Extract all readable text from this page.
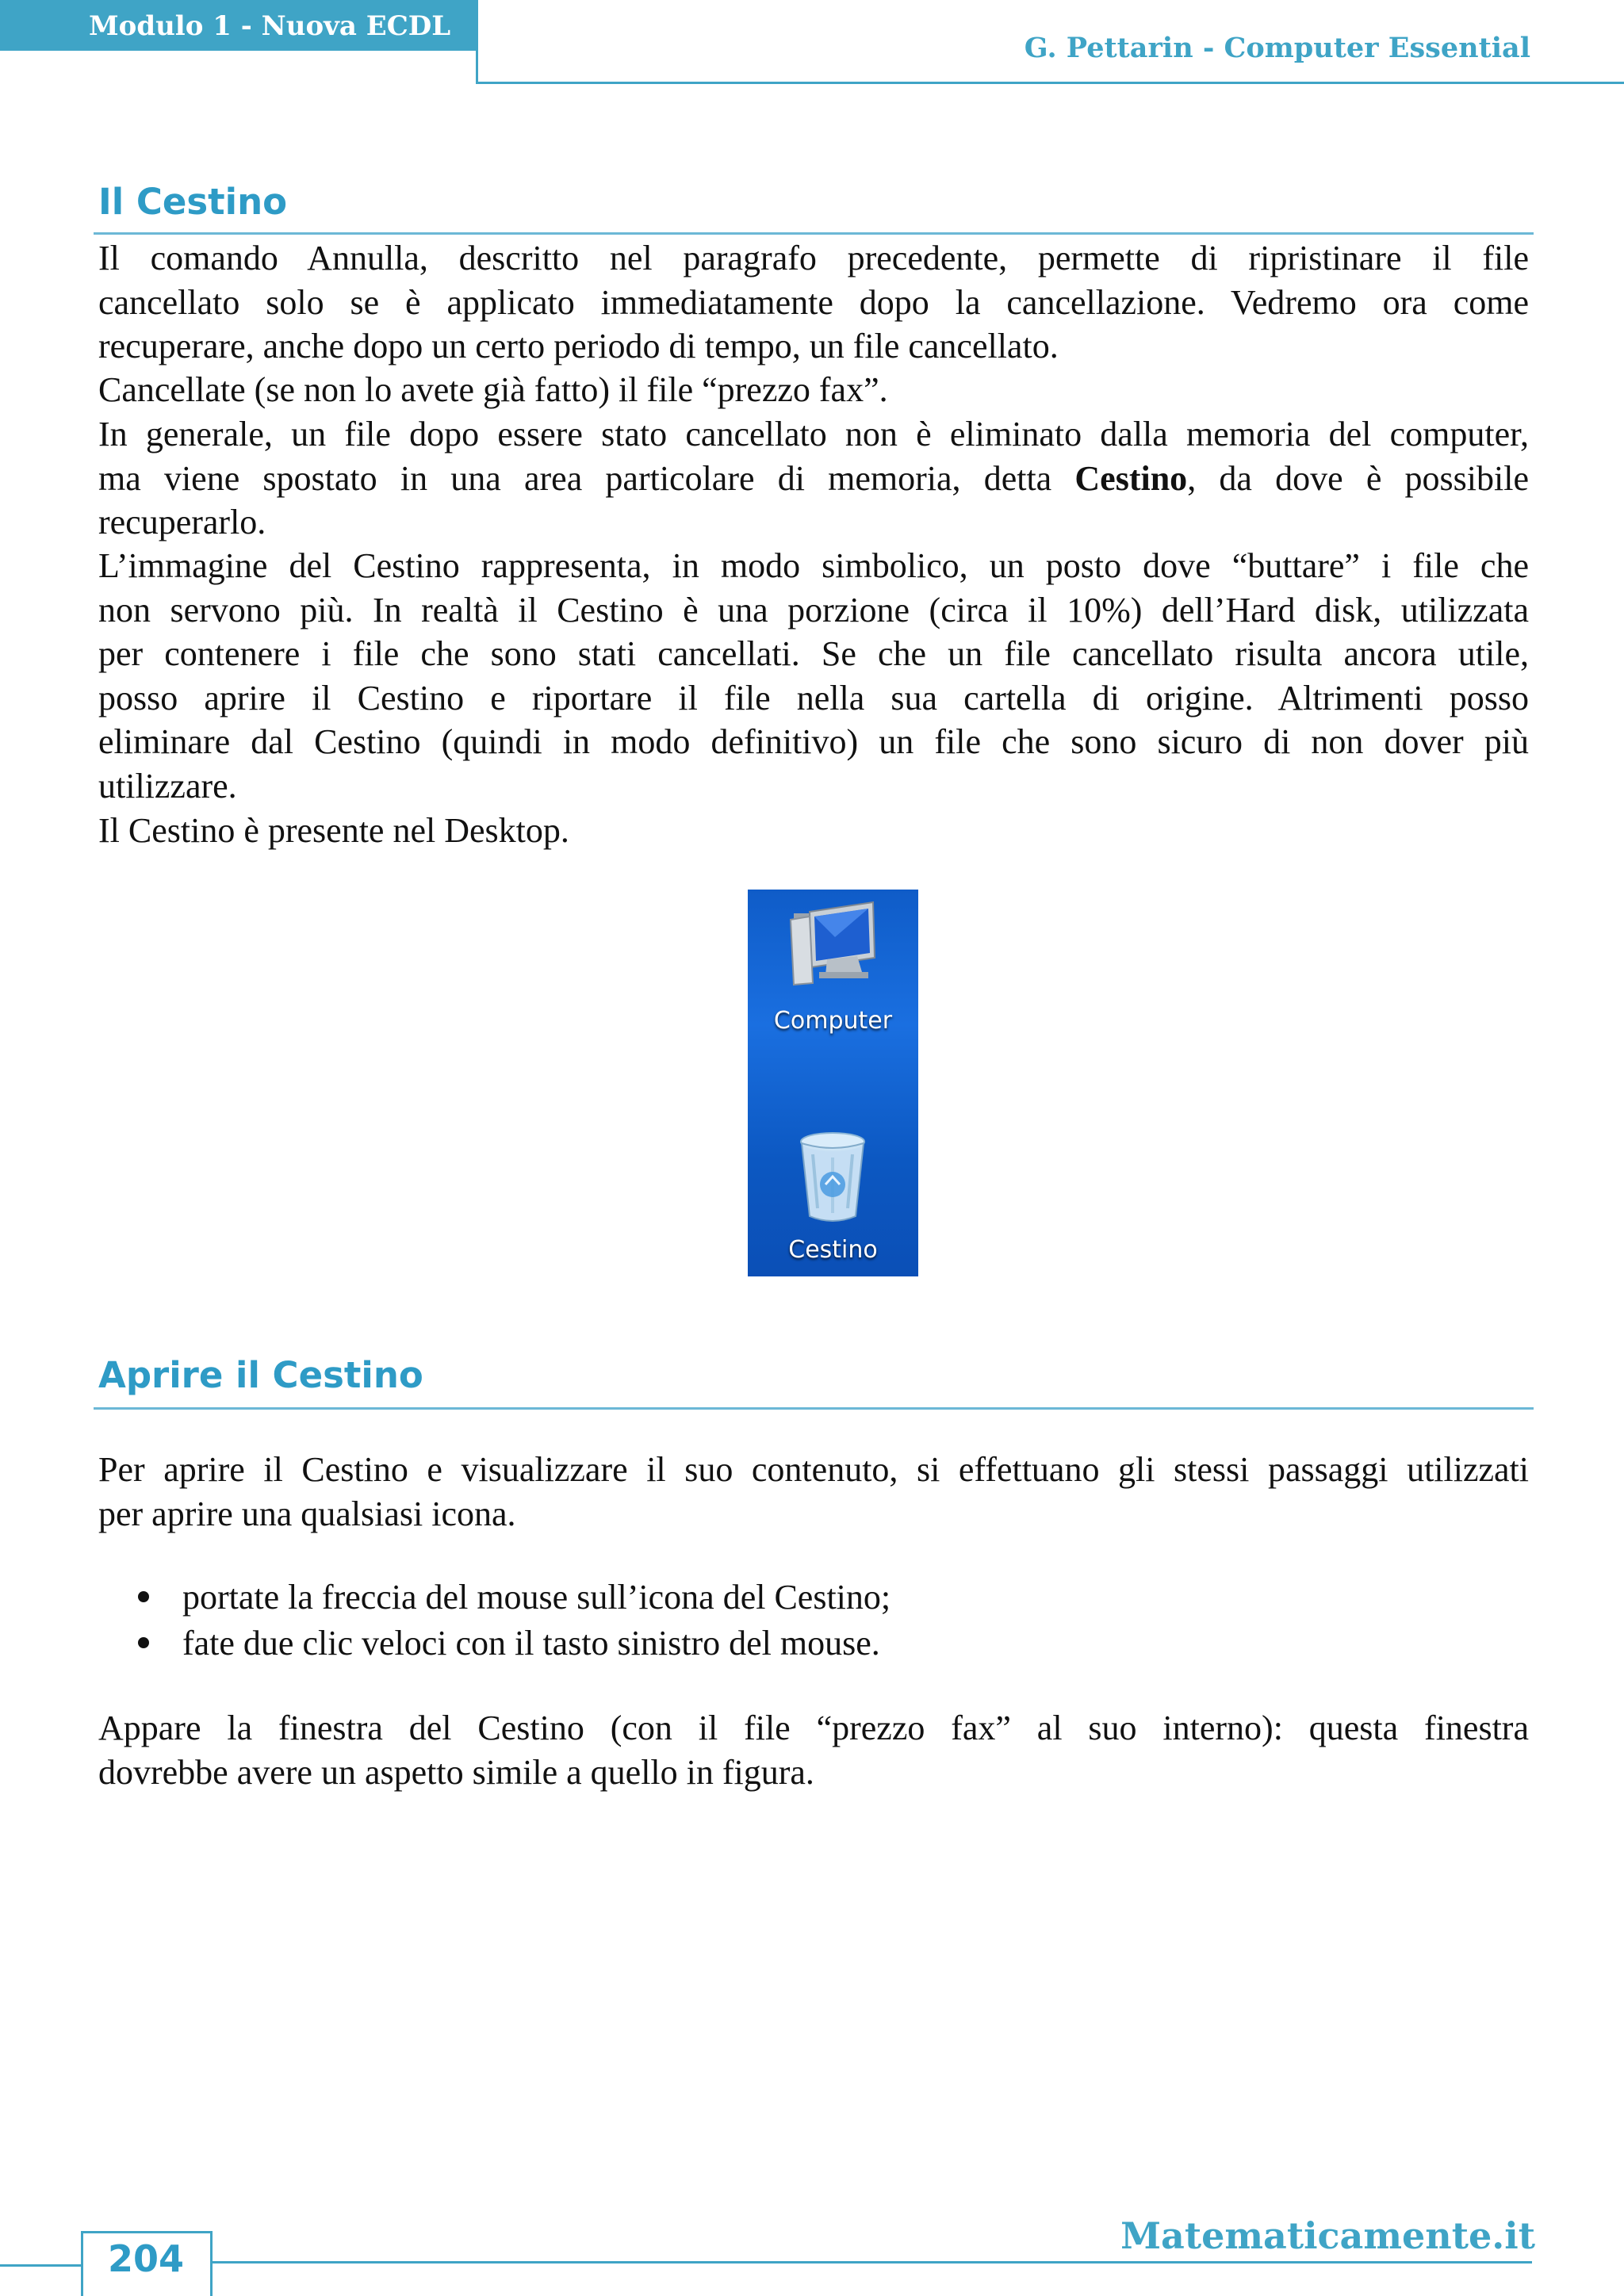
Modulo 1 - Nuova ECDL
G. Pettarin - Computer Essential
Il Cestino

Il comando Annulla, descritto nel paragrafo precedente, permette di ripristinare il file
cancellato solo se è applicato immediatamente dopo la cancellazione. Vedremo ora come
recuperare, anche dopo un certo periodo di tempo, un file cancellato.

Cancellate (se non lo avete già fatto) il file “prezzo fax”.

In generale, un file dopo essere stato cancellato non è eliminato dalla memoria del computer,
ma viene spostato in una area particolare di memoria, detta Cestino, da dove è possibile
recuperarlo.

L’immagine del Cestino rappresenta, in modo simbolico, un posto dove “buttare” i file che
non servono più. In realtà il Cestino è una porzione (circa il 10%) dell’Hard disk, utilizzata
per contenere i file che sono stati cancellati. Se che un file cancellato risulta ancora utile,
posso aprire il Cestino e riportare il file nella sua cartella di origine. Altrimenti posso
eliminare dal Cestino (quindi in modo definitivo) un file che sono sicuro di non dover più
utilizzare.

Il Cestino è presente nel Desktop.

Computer
Cestino
Aprire il Cestino

Per aprire il Cestino e visualizzare il suo contenuto, si effettuano gli stessi passaggi utilizzati
per aprire una qualsiasi icona.

portate la freccia del mouse sull’icona del Cestino;
fate due clic veloci con il tasto sinistro del mouse.

Appare la finestra del Cestino (con il file “prezzo fax” al suo interno): questa finestra
dovrebbe avere un aspetto simile a quello in figura.

Matematicamente.it
204
